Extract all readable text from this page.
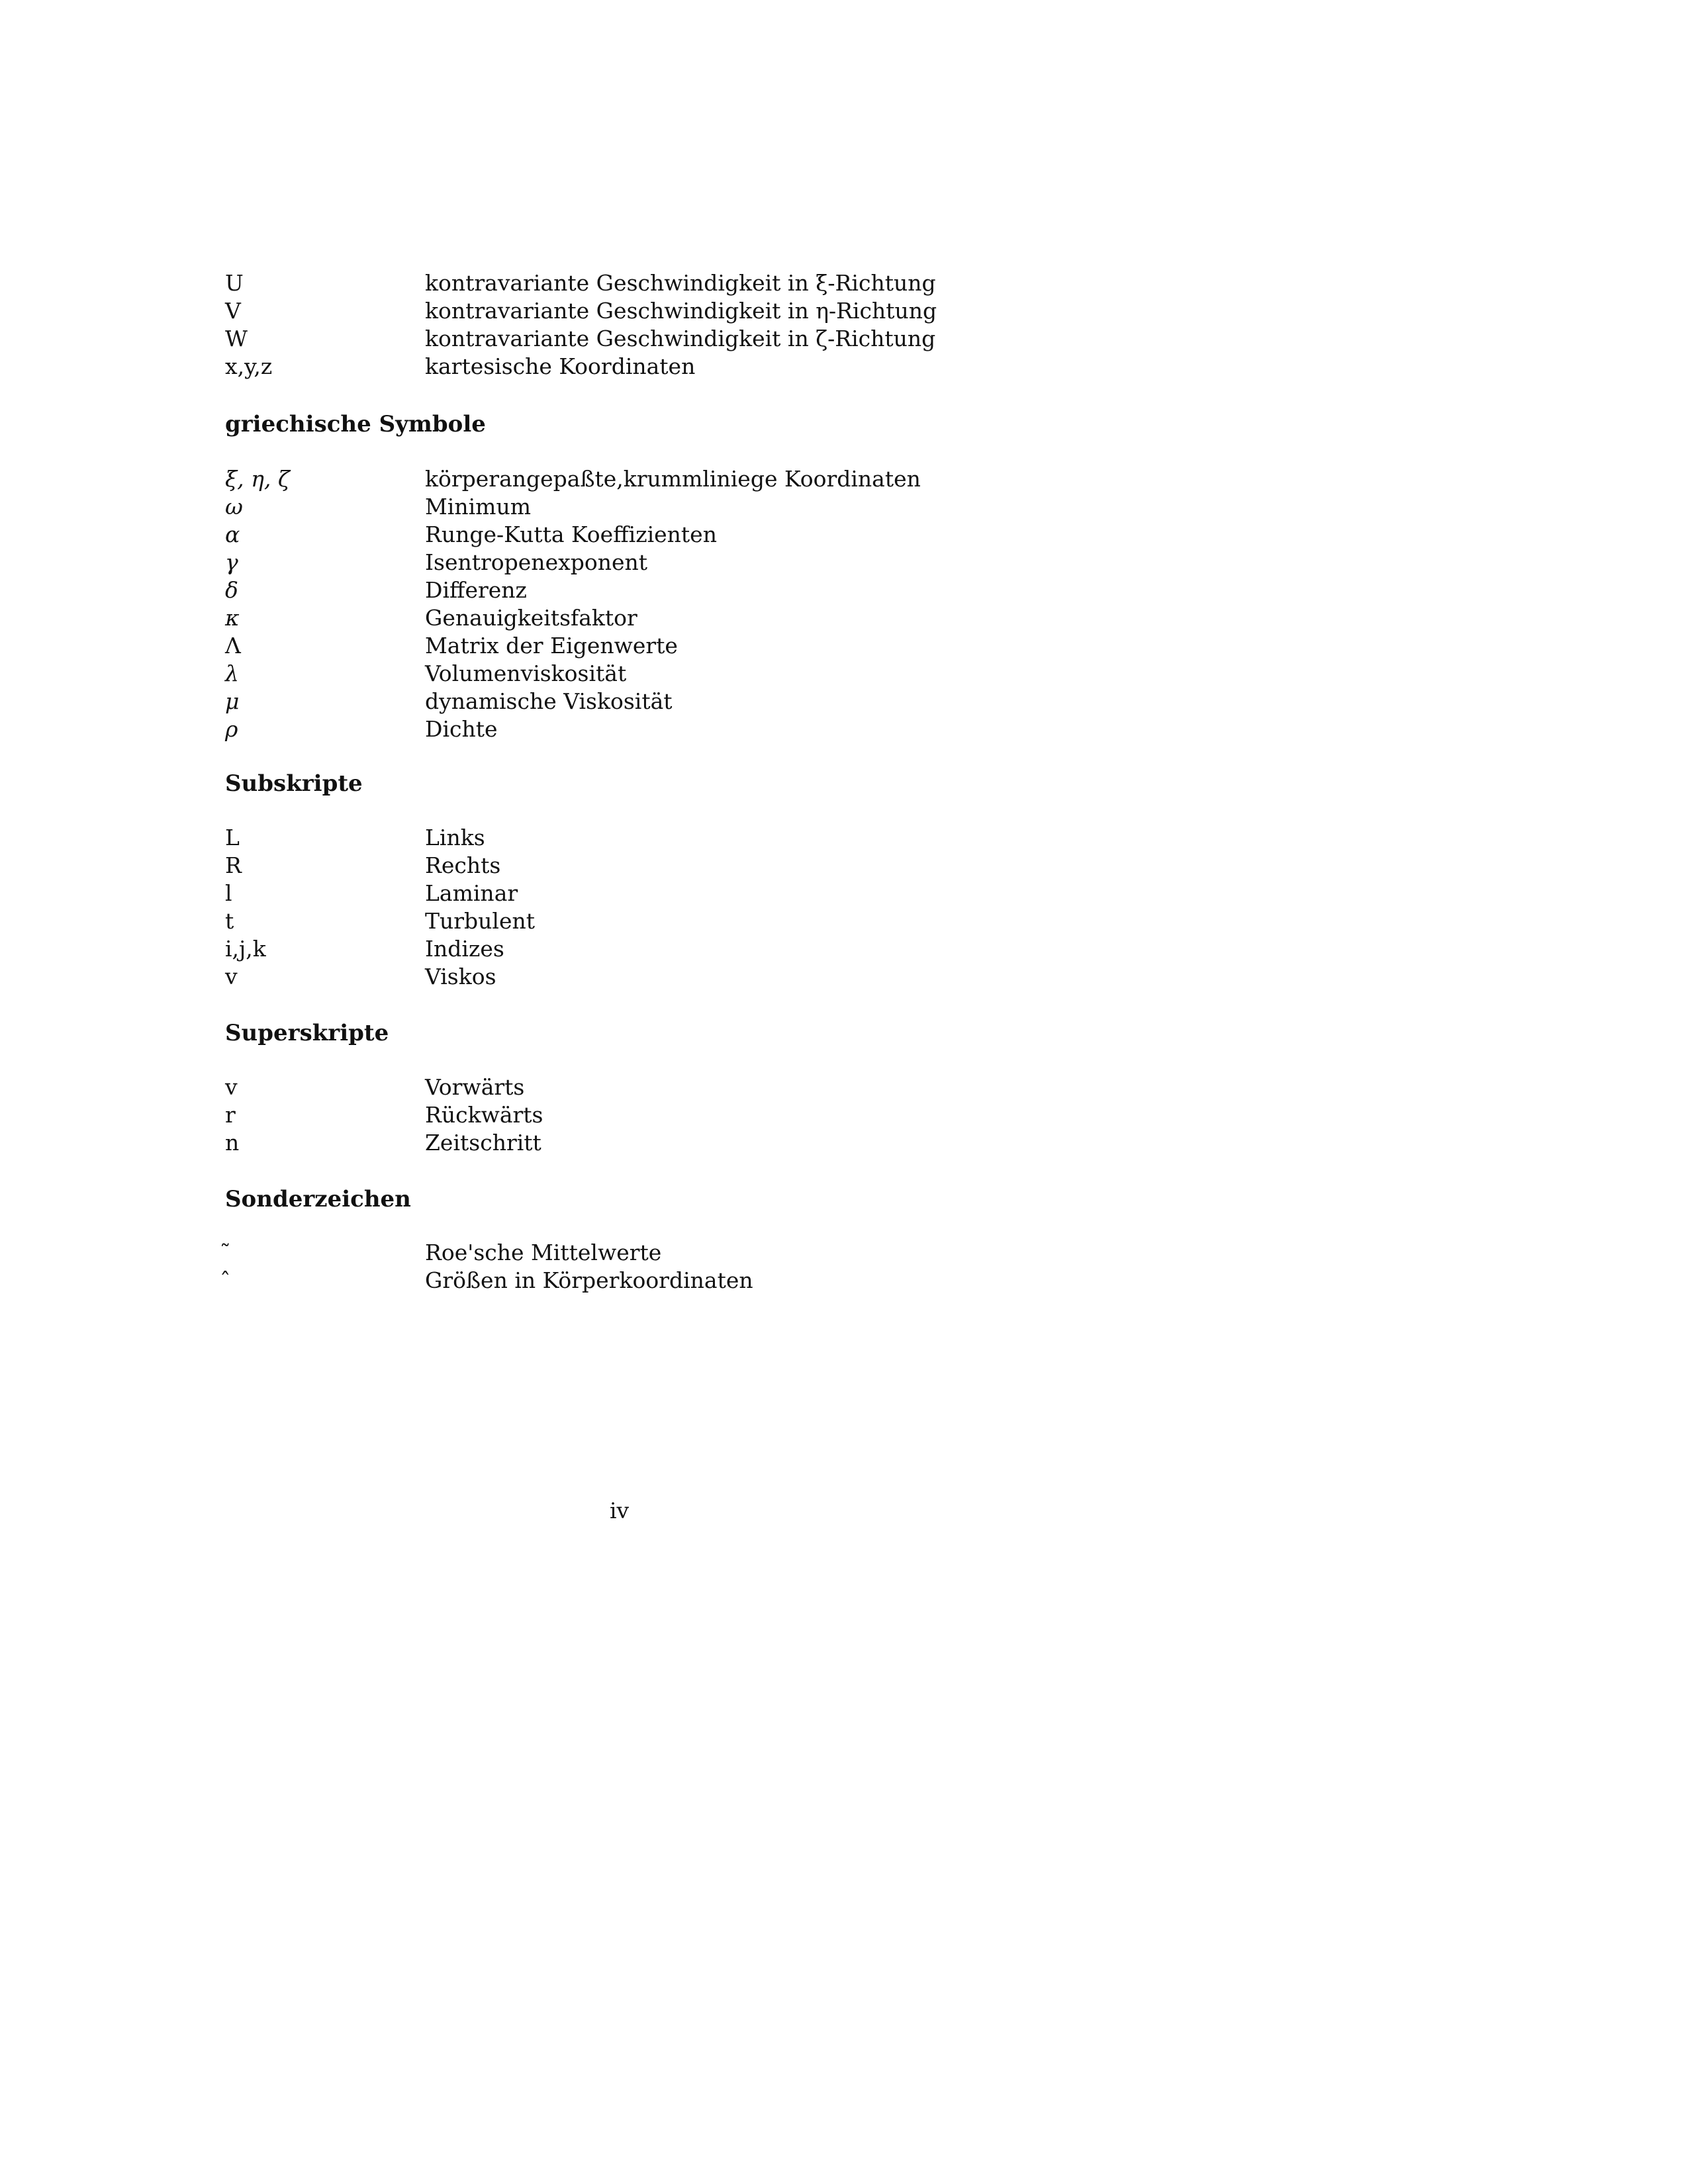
U	kontravariante Geschwindigkeit in ξ-Richtung
V	kontravariante Geschwindigkeit in η-Richtung
W	kontravariante Geschwindigkeit in ζ-Richtung
x,y,z	kartesische Koordinaten
griechische Symbole
ξ, η, ζ	körperangepaßte,krummliniege Koordinaten
ω	Minimum
α	Runge-Kutta Koeffizienten
γ	Isentropenexponent
δ	Differenz
κ	Genauigkeitsfaktor
Λ	Matrix der Eigenwerte
λ	Volumenviskosität
μ	dynamische Viskosität
ρ	Dichte
Subskripte
L	Links
R	Rechts
l	Laminar
t	Turbulent
i,j,k	Indizes
v	Viskos
Superskripte
v	Vorwärts
r	Rückwärts
n	Zeitschritt
Sonderzeichen
˜	Roe'sche Mittelwerte
ˆ	Größen in Körperkoordinaten
iv
